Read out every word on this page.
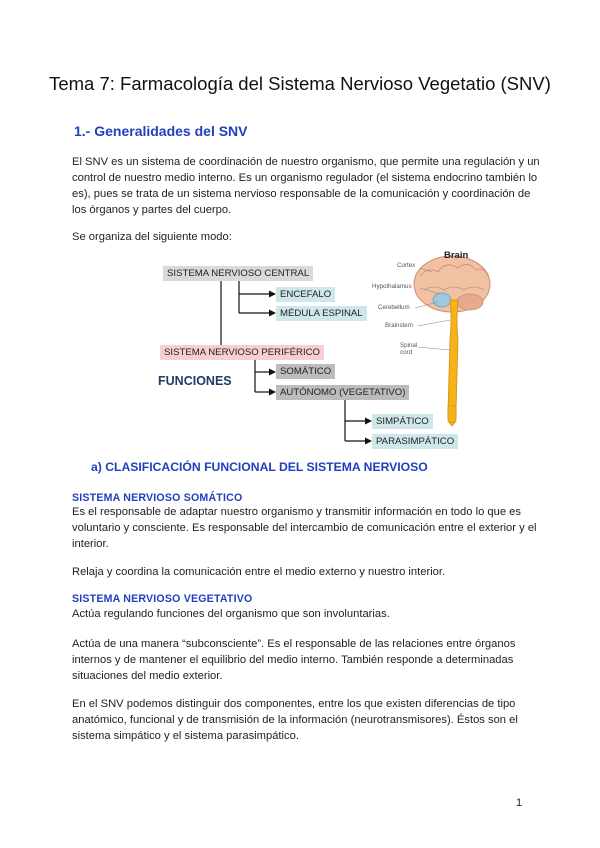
Tema 7: Farmacología del Sistema Nervioso Vegetatio (SNV)
1.- Generalidades del SNV
El SNV es un sistema de coordinación de nuestro organismo, que permite una regulación y un control de nuestro medio interno. Es un organismo regulador (el sistema endocrino también lo es), pues se trata de un sistema nervioso responsable de la comunicación y coordinación de los órganos y partes del cuerpo.
Se organiza del siguiente modo:
SISTEMA NERVIOSO CENTRAL
ENCEFALO
MÉDULA ESPINAL
SISTEMA NERVIOSO PERIFÉRICO
FUNCIONES
SOMÁTICO
AUTÓNOMO (VEGETATIVO)
SIMPÁTICO
PARASIMPÁTICO
Brain
Cortex
Hypothalamus
Cerebellum
Brainstem
Spinal
cord
a) CLASIFICACIÓN FUNCIONAL DEL SISTEMA NERVIOSO
SISTEMA NERVIOSO SOMÁTICO
Es el responsable de adaptar nuestro organismo y transmitir información en todo lo que es voluntario y consciente. Es responsable del intercambio de comunicación entre el exterior y el interior.
Relaja y coordina la comunicación entre el medio externo y nuestro interior.
SISTEMA NERVIOSO VEGETATIVO
Actúa regulando funciones del organismo que son involuntarias.
Actúa de una manera “subconsciente”. Es el responsable de las relaciones entre órganos internos y de mantener el equilibrio del medio interno. También responde a determinadas situaciones del medio exterior.
En el SNV podemos distinguir dos componentes, entre los que existen diferencias de tipo anatómico, funcional y de transmisión de la información (neurotransmisores). Éstos son el sistema simpático y el sistema parasimpático.
1
